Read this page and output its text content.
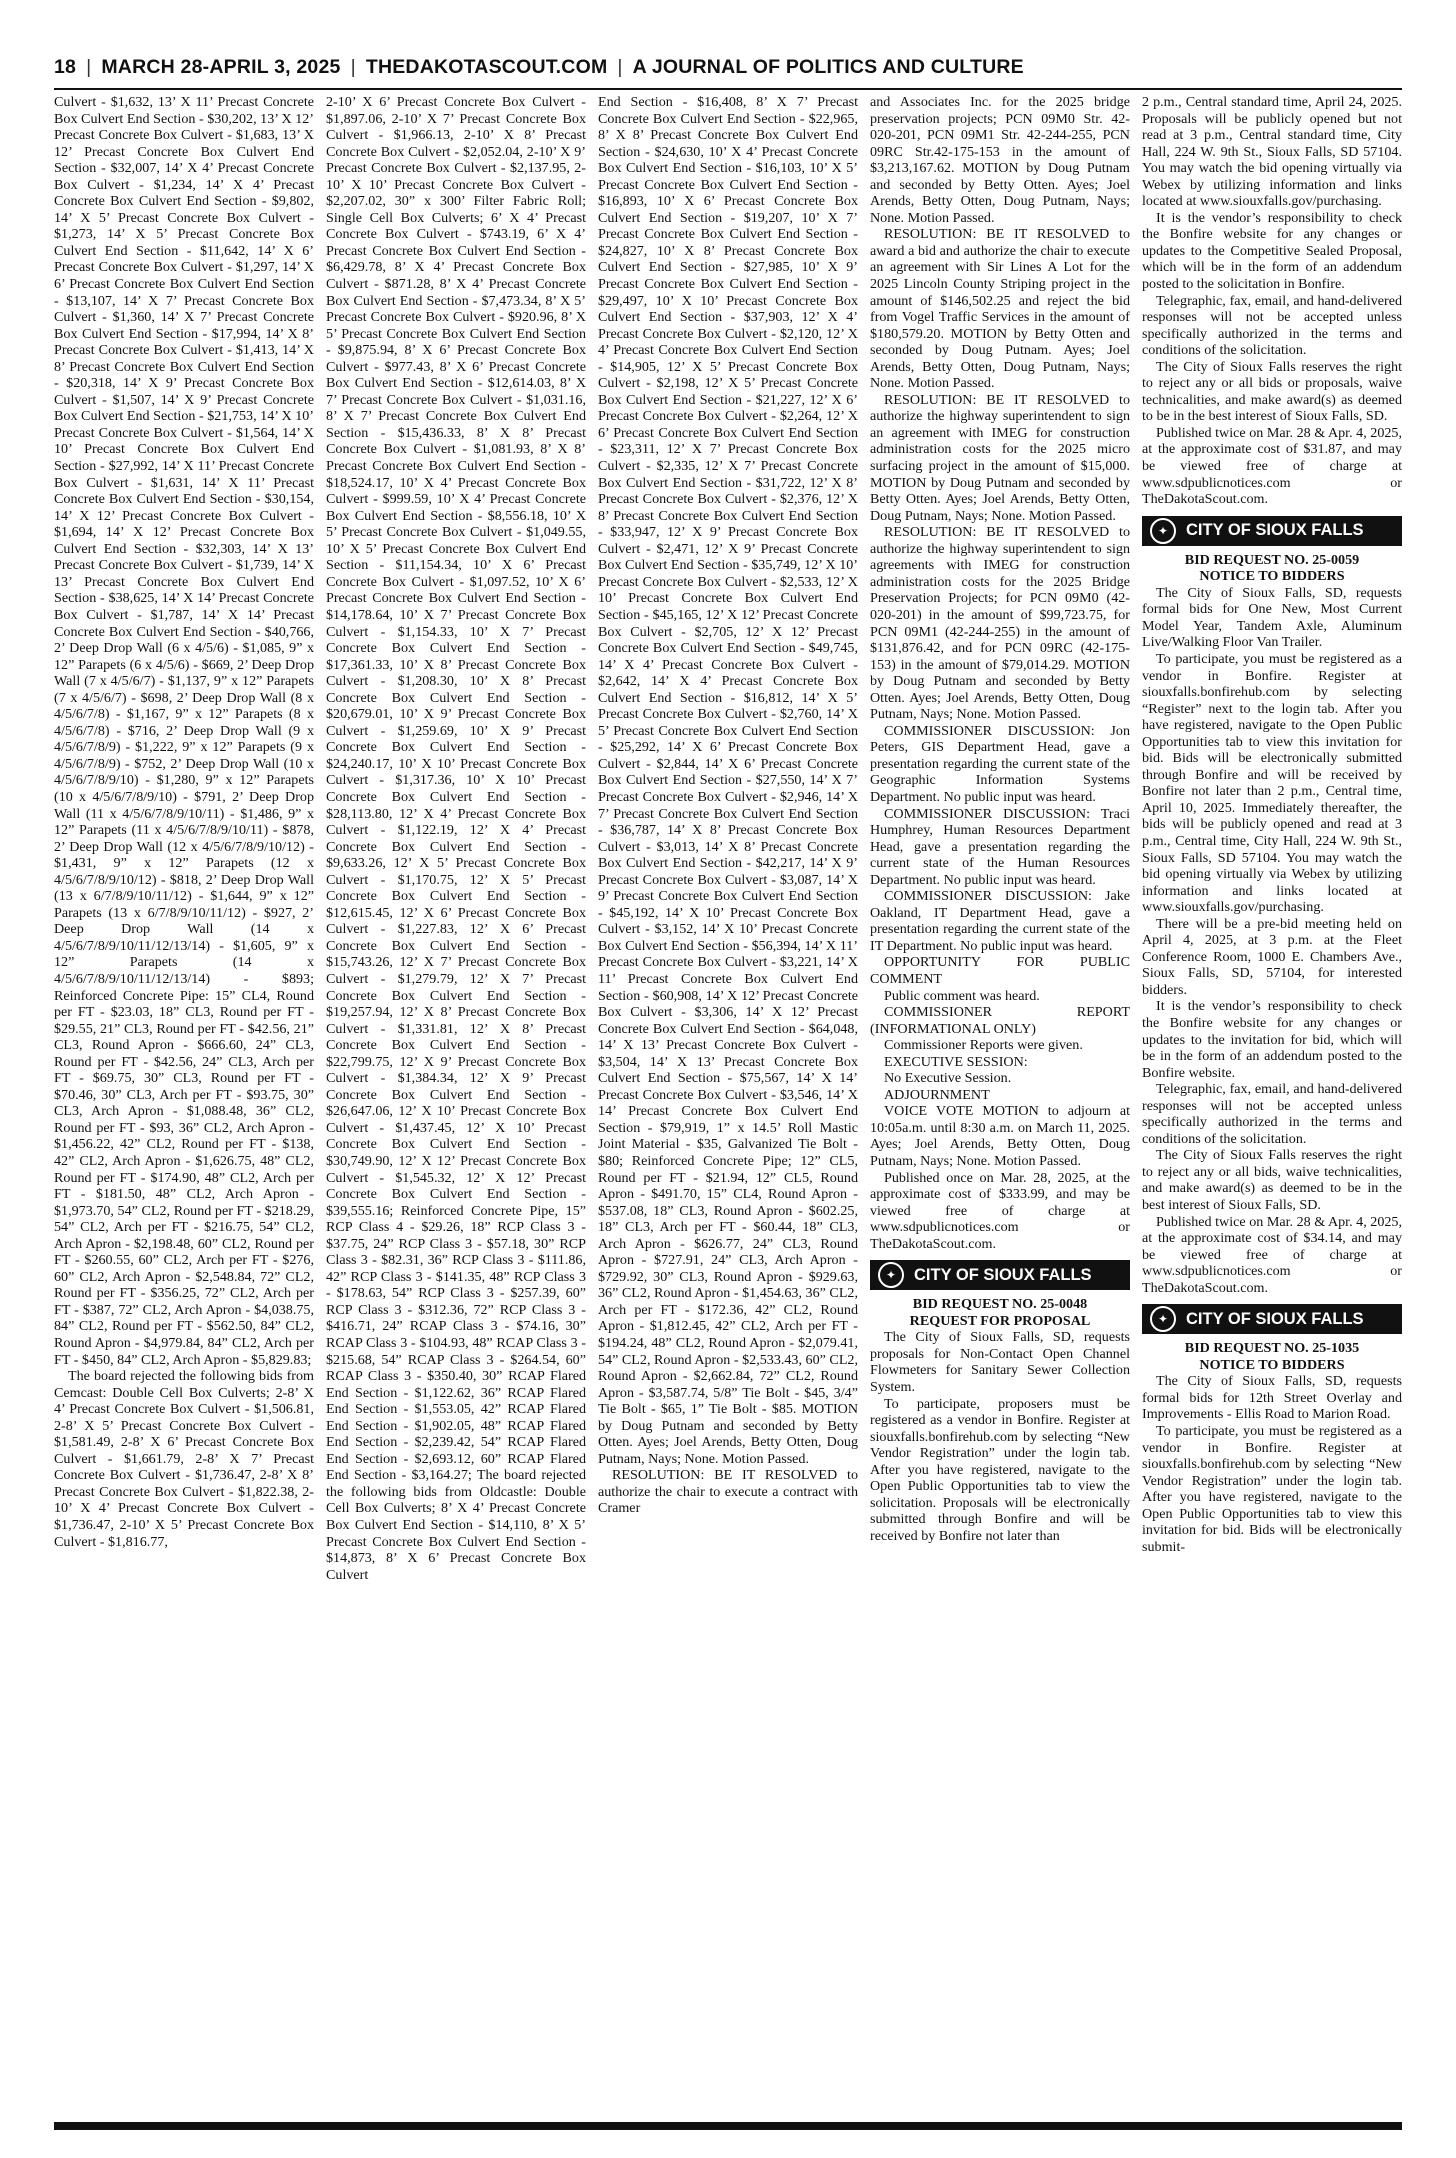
18 | MARCH 28-APRIL 3, 2025 | THEDAKOTASCOUT.COM | A JOURNAL OF POLITICS AND CULTURE

Culvert - $1,632, 13’ X 11’ Precast Concrete Box Culvert End Section - $30,202, 13’ X 12’ Precast Concrete Box Culvert - $1,683, 13’ X 12’ Precast Concrete Box Culvert End Section - $32,007, 14’ X 4’ Precast Concrete Box Culvert - $1,234, 14’ X 4’ Precast Concrete Box Culvert End Section - $9,802, 14’ X 5’ Precast Concrete Box Culvert - $1,273, 14’ X 5’ Precast Concrete Box Culvert End Section - $11,642, 14’ X 6’ Precast Concrete Box Culvert - $1,297, 14’ X 6’ Precast Concrete Box Culvert End Section - $13,107, 14’ X 7’ Precast Concrete Box Culvert - $1,360, 14’ X 7’ Precast Concrete Box Culvert End Section - $17,994, 14’ X 8’ Precast Concrete Box Culvert - $1,413, 14’ X 8’ Precast Concrete Box Culvert End Section - $20,318, 14’ X 9’ Precast Concrete Box Culvert - $1,507, 14’ X 9’ Precast Concrete Box Culvert End Section - $21,753, 14’ X 10’ Precast Concrete Box Culvert - $1,564, 14’ X 10’ Precast Concrete Box Culvert End Section - $27,992, 14’ X 11’ Precast Concrete Box Culvert - $1,631, 14’ X 11’ Precast Concrete Box Culvert End Section - $30,154, 14’ X 12’ Precast Concrete Box Culvert - $1,694, 14’ X 12’ Precast Concrete Box Culvert End Section - $32,303, 14’ X 13’ Precast Concrete Box Culvert - $1,739, 14’ X 13’ Precast Concrete Box Culvert End Section - $38,625, 14’ X 14’ Precast Concrete Box Culvert - $1,787, 14’ X 14’ Precast Concrete Box Culvert End Section - $40,766, 2’ Deep Drop Wall (6 x 4/5/6) - $1,085, 9” x 12” Parapets (6 x 4/5/6) - $669, 2’ Deep Drop Wall (7 x 4/5/6/7) - $1,137, 9” x 12” Parapets (7 x 4/5/6/7) - $698, 2’ Deep Drop Wall (8 x 4/5/6/7/8) - $1,167, 9” x 12” Parapets (8 x 4/5/6/7/8) - $716, 2’ Deep Drop Wall (9 x 4/5/6/7/8/9) - $1,222, 9” x 12” Parapets (9 x 4/5/6/7/8/9) - $752, 2’ Deep Drop Wall (10 x 4/5/6/7/8/9/10) - $1,280, 9” x 12” Parapets (10 x 4/5/6/7/8/9/10) - $791, 2’ Deep Drop Wall (11 x 4/5/6/7/8/9/10/11) - $1,486, 9” x 12” Parapets (11 x 4/5/6/7/8/9/10/11) - $878, 2’ Deep Drop Wall (12 x 4/5/6/7/8/9/10/12) - $1,431, 9” x 12” Parapets (12 x 4/5/6/7/8/9/10/12) - $818, 2’ Deep Drop Wall (13 x 6/7/8/9/10/11/12) - $1,644, 9” x 12” Parapets (13 x 6/7/8/9/10/11/12) - $927, 2’ Deep Drop Wall (14 x 4/5/6/7/8/9/10/11/12/13/14) - $1,605, 9” x 12” Parapets (14 x 4/5/6/7/8/9/10/11/12/13/14) - $893; Reinforced Concrete Pipe: 15” CL4, Round per FT - $23.03, 18” CL3, Round per FT - $29.55, 21” CL3, Round per FT - $42.56, 21” CL3, Round Apron - $666.60, 24” CL3, Round per FT - $42.56, 24” CL3, Arch per FT - $69.75, 30” CL3, Round per FT - $70.46, 30” CL3, Arch per FT - $93.75, 30” CL3, Arch Apron - $1,088.48, 36” CL2, Round per FT - $93, 36” CL2, Arch Apron - $1,456.22, 42” CL2, Round per FT - $138, 42” CL2, Arch Apron - $1,626.75, 48” CL2, Round per FT - $174.90, 48” CL2, Arch per FT - $181.50, 48” CL2, Arch Apron - $1,973.70, 54” CL2, Round per FT - $218.29, 54” CL2, Arch per FT - $216.75, 54” CL2, Arch Apron - $2,198.48, 60” CL2, Round per FT - $260.55, 60” CL2, Arch per FT - $276, 60” CL2, Arch Apron - $2,548.84, 72” CL2, Round per FT - $356.25, 72” CL2, Arch per FT - $387, 72” CL2, Arch Apron - $4,038.75, 84” CL2, Round per FT - $562.50, 84” CL2, Round Apron - $4,979.84, 84” CL2, Arch per FT - $450, 84” CL2, Arch Apron - $5,829.83;

The board rejected the following bids from Cemcast: Double Cell Box Culverts; 2-8’ X 4’ Precast Concrete Box Culvert - $1,506.81, 2-8’ X 5’ Precast Concrete Box Culvert - $1,581.49, 2-8’ X 6’ Precast Concrete Box Culvert - $1,661.79, 2-8’ X 7’ Precast Concrete Box Culvert - $1,736.47, 2-8’ X 8’ Precast Concrete Box Culvert - $1,822.38, 2-10’ X 4’ Precast Concrete Box Culvert - $1,736.47, 2-10’ X 5’ Precast Concrete Box Culvert - $1,816.77,

2-10’ X 6’ Precast Concrete Box Culvert - $1,897.06, 2-10’ X 7’ Precast Concrete Box Culvert - $1,966.13, 2-10’ X 8’ Precast Concrete Box Culvert - $2,052.04, 2-10’ X 9’ Precast Concrete Box Culvert - $2,137.95, 2-10’ X 10’ Precast Concrete Box Culvert - $2,207.02, 30” x 300’ Filter Fabric Roll; Single Cell Box Culverts; 6’ X 4’ Precast Concrete Box Culvert - $743.19, 6’ X 4’ Precast Concrete Box Culvert End Section - $6,429.78, 8’ X 4’ Precast Concrete Box Culvert - $871.28, 8’ X 4’ Precast Concrete Box Culvert End Section - $7,473.34, 8’ X 5’ Precast Concrete Box Culvert - $920.96, 8’ X 5’ Precast Concrete Box Culvert End Section - $9,875.94, 8’ X 6’ Precast Concrete Box Culvert - $977.43, 8’ X 6’ Precast Concrete Box Culvert End Section - $12,614.03, 8’ X 7’ Precast Concrete Box Culvert - $1,031.16, 8’ X 7’ Precast Concrete Box Culvert End Section - $15,436.33, 8’ X 8’ Precast Concrete Box Culvert - $1,081.93, 8’ X 8’ Precast Concrete Box Culvert End Section - $18,524.17, 10’ X 4’ Precast Concrete Box Culvert - $999.59, 10’ X 4’ Precast Concrete Box Culvert End Section - $8,556.18, 10’ X 5’ Precast Concrete Box Culvert - $1,049.55, 10’ X 5’ Precast Concrete Box Culvert End Section - $11,154.34, 10’ X 6’ Precast Concrete Box Culvert - $1,097.52, 10’ X 6’ Precast Concrete Box Culvert End Section - $14,178.64, 10’ X 7’ Precast Concrete Box Culvert - $1,154.33, 10’ X 7’ Precast Concrete Box Culvert End Section - $17,361.33, 10’ X 8’ Precast Concrete Box Culvert - $1,208.30, 10’ X 8’ Precast Concrete Box Culvert End Section - $20,679.01, 10’ X 9’ Precast Concrete Box Culvert - $1,259.69, 10’ X 9’ Precast Concrete Box Culvert End Section - $24,240.17, 10’ X 10’ Precast Concrete Box Culvert - $1,317.36, 10’ X 10’ Precast Concrete Box Culvert End Section - $28,113.80, 12’ X 4’ Precast Concrete Box Culvert - $1,122.19, 12’ X 4’ Precast Concrete Box Culvert End Section - $9,633.26, 12’ X 5’ Precast Concrete Box Culvert - $1,170.75, 12’ X 5’ Precast Concrete Box Culvert End Section - $12,615.45, 12’ X 6’ Precast Concrete Box Culvert - $1,227.83, 12’ X 6’ Precast Concrete Box Culvert End Section - $15,743.26, 12’ X 7’ Precast Concrete Box Culvert - $1,279.79, 12’ X 7’ Precast Concrete Box Culvert End Section - $19,257.94, 12’ X 8’ Precast Concrete Box Culvert - $1,331.81, 12’ X 8’ Precast Concrete Box Culvert End Section - $22,799.75, 12’ X 9’ Precast Concrete Box Culvert - $1,384.34, 12’ X 9’ Precast Concrete Box Culvert End Section - $26,647.06, 12’ X 10’ Precast Concrete Box Culvert - $1,437.45, 12’ X 10’ Precast Concrete Box Culvert End Section - $30,749.90, 12’ X 12’ Precast Concrete Box Culvert - $1,545.32, 12’ X 12’ Precast Concrete Box Culvert End Section - $39,555.16; Reinforced Concrete Pipe, 15” RCP Class 4 - $29.26, 18” RCP Class 3 - $37.75, 24” RCP Class 3 - $57.18, 30” RCP Class 3 - $82.31, 36” RCP Class 3 - $111.86, 42” RCP Class 3 - $141.35, 48” RCP Class 3 - $178.63, 54” RCP Class 3 - $257.39, 60” RCP Class 3 - $312.36, 72” RCP Class 3 - $416.71, 24” RCAP Class 3 - $74.16, 30” RCAP Class 3 - $104.93, 48” RCAP Class 3 - $215.68, 54” RCAP Class 3 - $264.54, 60” RCAP Class 3 - $350.40, 30” RCAP Flared End Section - $1,122.62, 36” RCAP Flared End Section - $1,553.05, 42” RCAP Flared End Section - $1,902.05, 48” RCAP Flared End Section - $2,239.42, 54” RCAP Flared End Section - $2,693.12, 60” RCAP Flared End Section - $3,164.27; The board rejected the following bids from Oldcastle: Double Cell Box Culverts; 8’ X 4’ Precast Concrete Box Culvert End Section - $14,110, 8’ X 5’ Precast Concrete Box Culvert End Section - $14,873, 8’ X 6’ Precast Concrete Box Culvert

End Section - $16,408, 8’ X 7’ Precast Concrete Box Culvert End Section - $22,965, 8’ X 8’ Precast Concrete Box Culvert End Section - $24,630, 10’ X 4’ Precast Concrete Box Culvert End Section - $16,103, 10’ X 5’ Precast Concrete Box Culvert End Section - $16,893, 10’ X 6’ Precast Concrete Box Culvert End Section - $19,207, 10’ X 7’ Precast Concrete Box Culvert End Section - $24,827, 10’ X 8’ Precast Concrete Box Culvert End Section - $27,985, 10’ X 9’ Precast Concrete Box Culvert End Section - $29,497, 10’ X 10’ Precast Concrete Box Culvert End Section - $37,903, 12’ X 4’ Precast Concrete Box Culvert - $2,120, 12’ X 4’ Precast Concrete Box Culvert End Section - $14,905, 12’ X 5’ Precast Concrete Box Culvert - $2,198, 12’ X 5’ Precast Concrete Box Culvert End Section - $21,227, 12’ X 6’ Precast Concrete Box Culvert - $2,264, 12’ X 6’ Precast Concrete Box Culvert End Section - $23,311, 12’ X 7’ Precast Concrete Box Culvert - $2,335, 12’ X 7’ Precast Concrete Box Culvert End Section - $31,722, 12’ X 8’ Precast Concrete Box Culvert - $2,376, 12’ X 8’ Precast Concrete Box Culvert End Section - $33,947, 12’ X 9’ Precast Concrete Box Culvert - $2,471, 12’ X 9’ Precast Concrete Box Culvert End Section - $35,749, 12’ X 10’ Precast Concrete Box Culvert - $2,533, 12’ X 10’ Precast Concrete Box Culvert End Section - $45,165, 12’ X 12’ Precast Concrete Box Culvert - $2,705, 12’ X 12’ Precast Concrete Box Culvert End Section - $49,745, 14’ X 4’ Precast Concrete Box Culvert - $2,642, 14’ X 4’ Precast Concrete Box Culvert End Section - $16,812, 14’ X 5’ Precast Concrete Box Culvert - $2,760, 14’ X 5’ Precast Concrete Box Culvert End Section - $25,292, 14’ X 6’ Precast Concrete Box Culvert - $2,844, 14’ X 6’ Precast Concrete Box Culvert End Section - $27,550, 14’ X 7’ Precast Concrete Box Culvert - $2,946, 14’ X 7’ Precast Concrete Box Culvert End Section - $36,787, 14’ X 8’ Precast Concrete Box Culvert - $3,013, 14’ X 8’ Precast Concrete Box Culvert End Section - $42,217, 14’ X 9’ Precast Concrete Box Culvert - $3,087, 14’ X 9’ Precast Concrete Box Culvert End Section - $45,192, 14’ X 10’ Precast Concrete Box Culvert - $3,152, 14’ X 10’ Precast Concrete Box Culvert End Section - $56,394, 14’ X 11’ Precast Concrete Box Culvert - $3,221, 14’ X 11’ Precast Concrete Box Culvert End Section - $60,908, 14’ X 12’ Precast Concrete Box Culvert - $3,306, 14’ X 12’ Precast Concrete Box Culvert End Section - $64,048, 14’ X 13’ Precast Concrete Box Culvert - $3,504, 14’ X 13’ Precast Concrete Box Culvert End Section - $75,567, 14’ X 14’ Precast Concrete Box Culvert - $3,546, 14’ X 14’ Precast Concrete Box Culvert End Section - $79,919, 1” x 14.5’ Roll Mastic Joint Material - $35, Galvanized Tie Bolt - $80; Reinforced Concrete Pipe; 12” CL5, Round per FT - $21.94, 12” CL5, Round Apron - $491.70, 15” CL4, Round Apron - $537.08, 18” CL3, Round Apron - $602.25, 18” CL3, Arch per FT - $60.44, 18” CL3, Arch Apron - $626.77, 24” CL3, Round Apron - $727.91, 24” CL3, Arch Apron - $729.92, 30” CL3, Round Apron - $929.63, 36” CL2, Round Apron - $1,454.63, 36” CL2, Arch per FT - $172.36, 42” CL2, Round Apron - $1,812.45, 42” CL2, Arch per FT - $194.24, 48” CL2, Round Apron - $2,079.41, 54” CL2, Round Apron - $2,533.43, 60” CL2, Round Apron - $2,662.84, 72” CL2, Round Apron - $3,587.74, 5/8” Tie Bolt - $45, 3/4” Tie Bolt - $65, 1” Tie Bolt - $85. MOTION by Doug Putnam and seconded by Betty Otten. Ayes; Joel Arends, Betty Otten, Doug Putnam, Nays; None. Motion Passed.

RESOLUTION: BE IT RESOLVED to authorize the chair to execute a contract with Cramer

and Associates Inc. for the 2025 bridge preservation projects; PCN 09M0 Str. 42-020-201, PCN 09M1 Str. 42-244-255, PCN 09RC Str.42-175-153 in the amount of $3,213,167.62. MOTION by Doug Putnam and seconded by Betty Otten. Ayes; Joel Arends, Betty Otten, Doug Putnam, Nays; None. Motion Passed.

RESOLUTION: BE IT RESOLVED to award a bid and authorize the chair to execute an agreement with Sir Lines A Lot for the 2025 Lincoln County Striping project in the amount of $146,502.25 and reject the bid from Vogel Traffic Services in the amount of $180,579.20. MOTION by Betty Otten and seconded by Doug Putnam. Ayes; Joel Arends, Betty Otten, Doug Putnam, Nays; None. Motion Passed.

RESOLUTION: BE IT RESOLVED to authorize the highway superintendent to sign an agreement with IMEG for construction administration costs for the 2025 micro surfacing project in the amount of $15,000. MOTION by Doug Putnam and seconded by Betty Otten. Ayes; Joel Arends, Betty Otten, Doug Putnam, Nays; None. Motion Passed.

RESOLUTION: BE IT RESOLVED to authorize the highway superintendent to sign agreements with IMEG for construction administration costs for the 2025 Bridge Preservation Projects; for PCN 09M0 (42-020-201) in the amount of $99,723.75, for PCN 09M1 (42-244-255) in the amount of $131,876.42, and for PCN 09RC (42-175-153) in the amount of $79,014.29. MOTION by Doug Putnam and seconded by Betty Otten. Ayes; Joel Arends, Betty Otten, Doug Putnam, Nays; None. Motion Passed.

COMMISSIONER DISCUSSION: Jon Peters, GIS Department Head, gave a presentation regarding the current state of the Geographic Information Systems Department. No public input was heard.

COMMISSIONER DISCUSSION: Traci Humphrey, Human Resources Department Head, gave a presentation regarding the current state of the Human Resources Department. No public input was heard.

COMMISSIONER DISCUSSION: Jake Oakland, IT Department Head, gave a presentation regarding the current state of the IT Department. No public input was heard.

OPPORTUNITY FOR PUBLIC COMMENT

Public comment was heard.

COMMISSIONER REPORT (INFORMATIONAL ONLY)

Commissioner Reports were given.

EXECUTIVE SESSION:

No Executive Session.

ADJOURNMENT

VOICE VOTE MOTION to adjourn at 10:05a.m. until 8:30 a.m. on March 11, 2025. Ayes; Joel Arends, Betty Otten, Doug Putnam, Nays; None. Motion Passed.

Published once on Mar. 28, 2025, at the approximate cost of $333.99, and may be viewed free of charge at www.sdpublicnotices.com or TheDakotaScout.com.

✦	CITY OF SIOUX FALLS

BID REQUEST NO. 25-0048

REQUEST FOR PROPOSAL

The City of Sioux Falls, SD, requests proposals for Non-Contact Open Channel Flowmeters for Sanitary Sewer Collection System.

To participate, proposers must be registered as a vendor in Bonfire. Register at siouxfalls.bonfirehub.com by selecting “New Vendor Registration” under the login tab. After you have registered, navigate to the Open Public Opportunities tab to view the solicitation. Proposals will be electronically submitted through Bonfire and will be received by Bonfire not later than

2 p.m., Central standard time, April 24, 2025. Proposals will be publicly opened but not read at 3 p.m., Central standard time, City Hall, 224 W. 9th St., Sioux Falls, SD 57104. You may watch the bid opening virtually via Webex by utilizing information and links located at www.siouxfalls.gov/purchasing.

It is the vendor’s responsibility to check the Bonfire website for any changes or updates to the Competitive Sealed Proposal, which will be in the form of an addendum posted to the solicitation in Bonfire.

Telegraphic, fax, email, and hand-delivered responses will not be accepted unless specifically authorized in the terms and conditions of the solicitation.

The City of Sioux Falls reserves the right to reject any or all bids or proposals, waive technicalities, and make award(s) as deemed to be in the best interest of Sioux Falls, SD.

Published twice on Mar. 28 & Apr. 4, 2025, at the approximate cost of $31.87, and may be viewed free of charge at www.sdpublicnotices.com or TheDakotaScout.com.

✦	CITY OF SIOUX FALLS

BID REQUEST NO. 25-0059

NOTICE TO BIDDERS

The City of Sioux Falls, SD, requests formal bids for One New, Most Current Model Year, Tandem Axle, Aluminum Live/Walking Floor Van Trailer.

To participate, you must be registered as a vendor in Bonfire. Register at siouxfalls.bonfirehub.com by selecting “Register” next to the login tab. After you have registered, navigate to the Open Public Opportunities tab to view this invitation for bid. Bids will be electronically submitted through Bonfire and will be received by Bonfire not later than 2 p.m., Central time, April 10, 2025. Immediately thereafter, the bids will be publicly opened and read at 3 p.m., Central time, City Hall, 224 W. 9th St., Sioux Falls, SD 57104. You may watch the bid opening virtually via Webex by utilizing information and links located at www.siouxfalls.gov/purchasing.

There will be a pre-bid meeting held on April 4, 2025, at 3 p.m. at the Fleet Conference Room, 1000 E. Chambers Ave., Sioux Falls, SD, 57104, for interested bidders.

It is the vendor’s responsibility to check the Bonfire website for any changes or updates to the invitation for bid, which will be in the form of an addendum posted to the Bonfire website.

Telegraphic, fax, email, and hand-delivered responses will not be accepted unless specifically authorized in the terms and conditions of the solicitation.

The City of Sioux Falls reserves the right to reject any or all bids, waive technicalities, and make award(s) as deemed to be in the best interest of Sioux Falls, SD.

Published twice on Mar. 28 & Apr. 4, 2025, at the approximate cost of $34.14, and may be viewed free of charge at www.sdpublicnotices.com or TheDakotaScout.com.

✦	CITY OF SIOUX FALLS

BID REQUEST NO. 25-1035

NOTICE TO BIDDERS

The City of Sioux Falls, SD, requests formal bids for 12th Street Overlay and Improvements - Ellis Road to Marion Road.

To participate, you must be registered as a vendor in Bonfire. Register at siouxfalls.bonfirehub.com by selecting “New Vendor Registration” under the login tab. After you have registered, navigate to the Open Public Opportunities tab to view this invitation for bid. Bids will be electronically submit-
